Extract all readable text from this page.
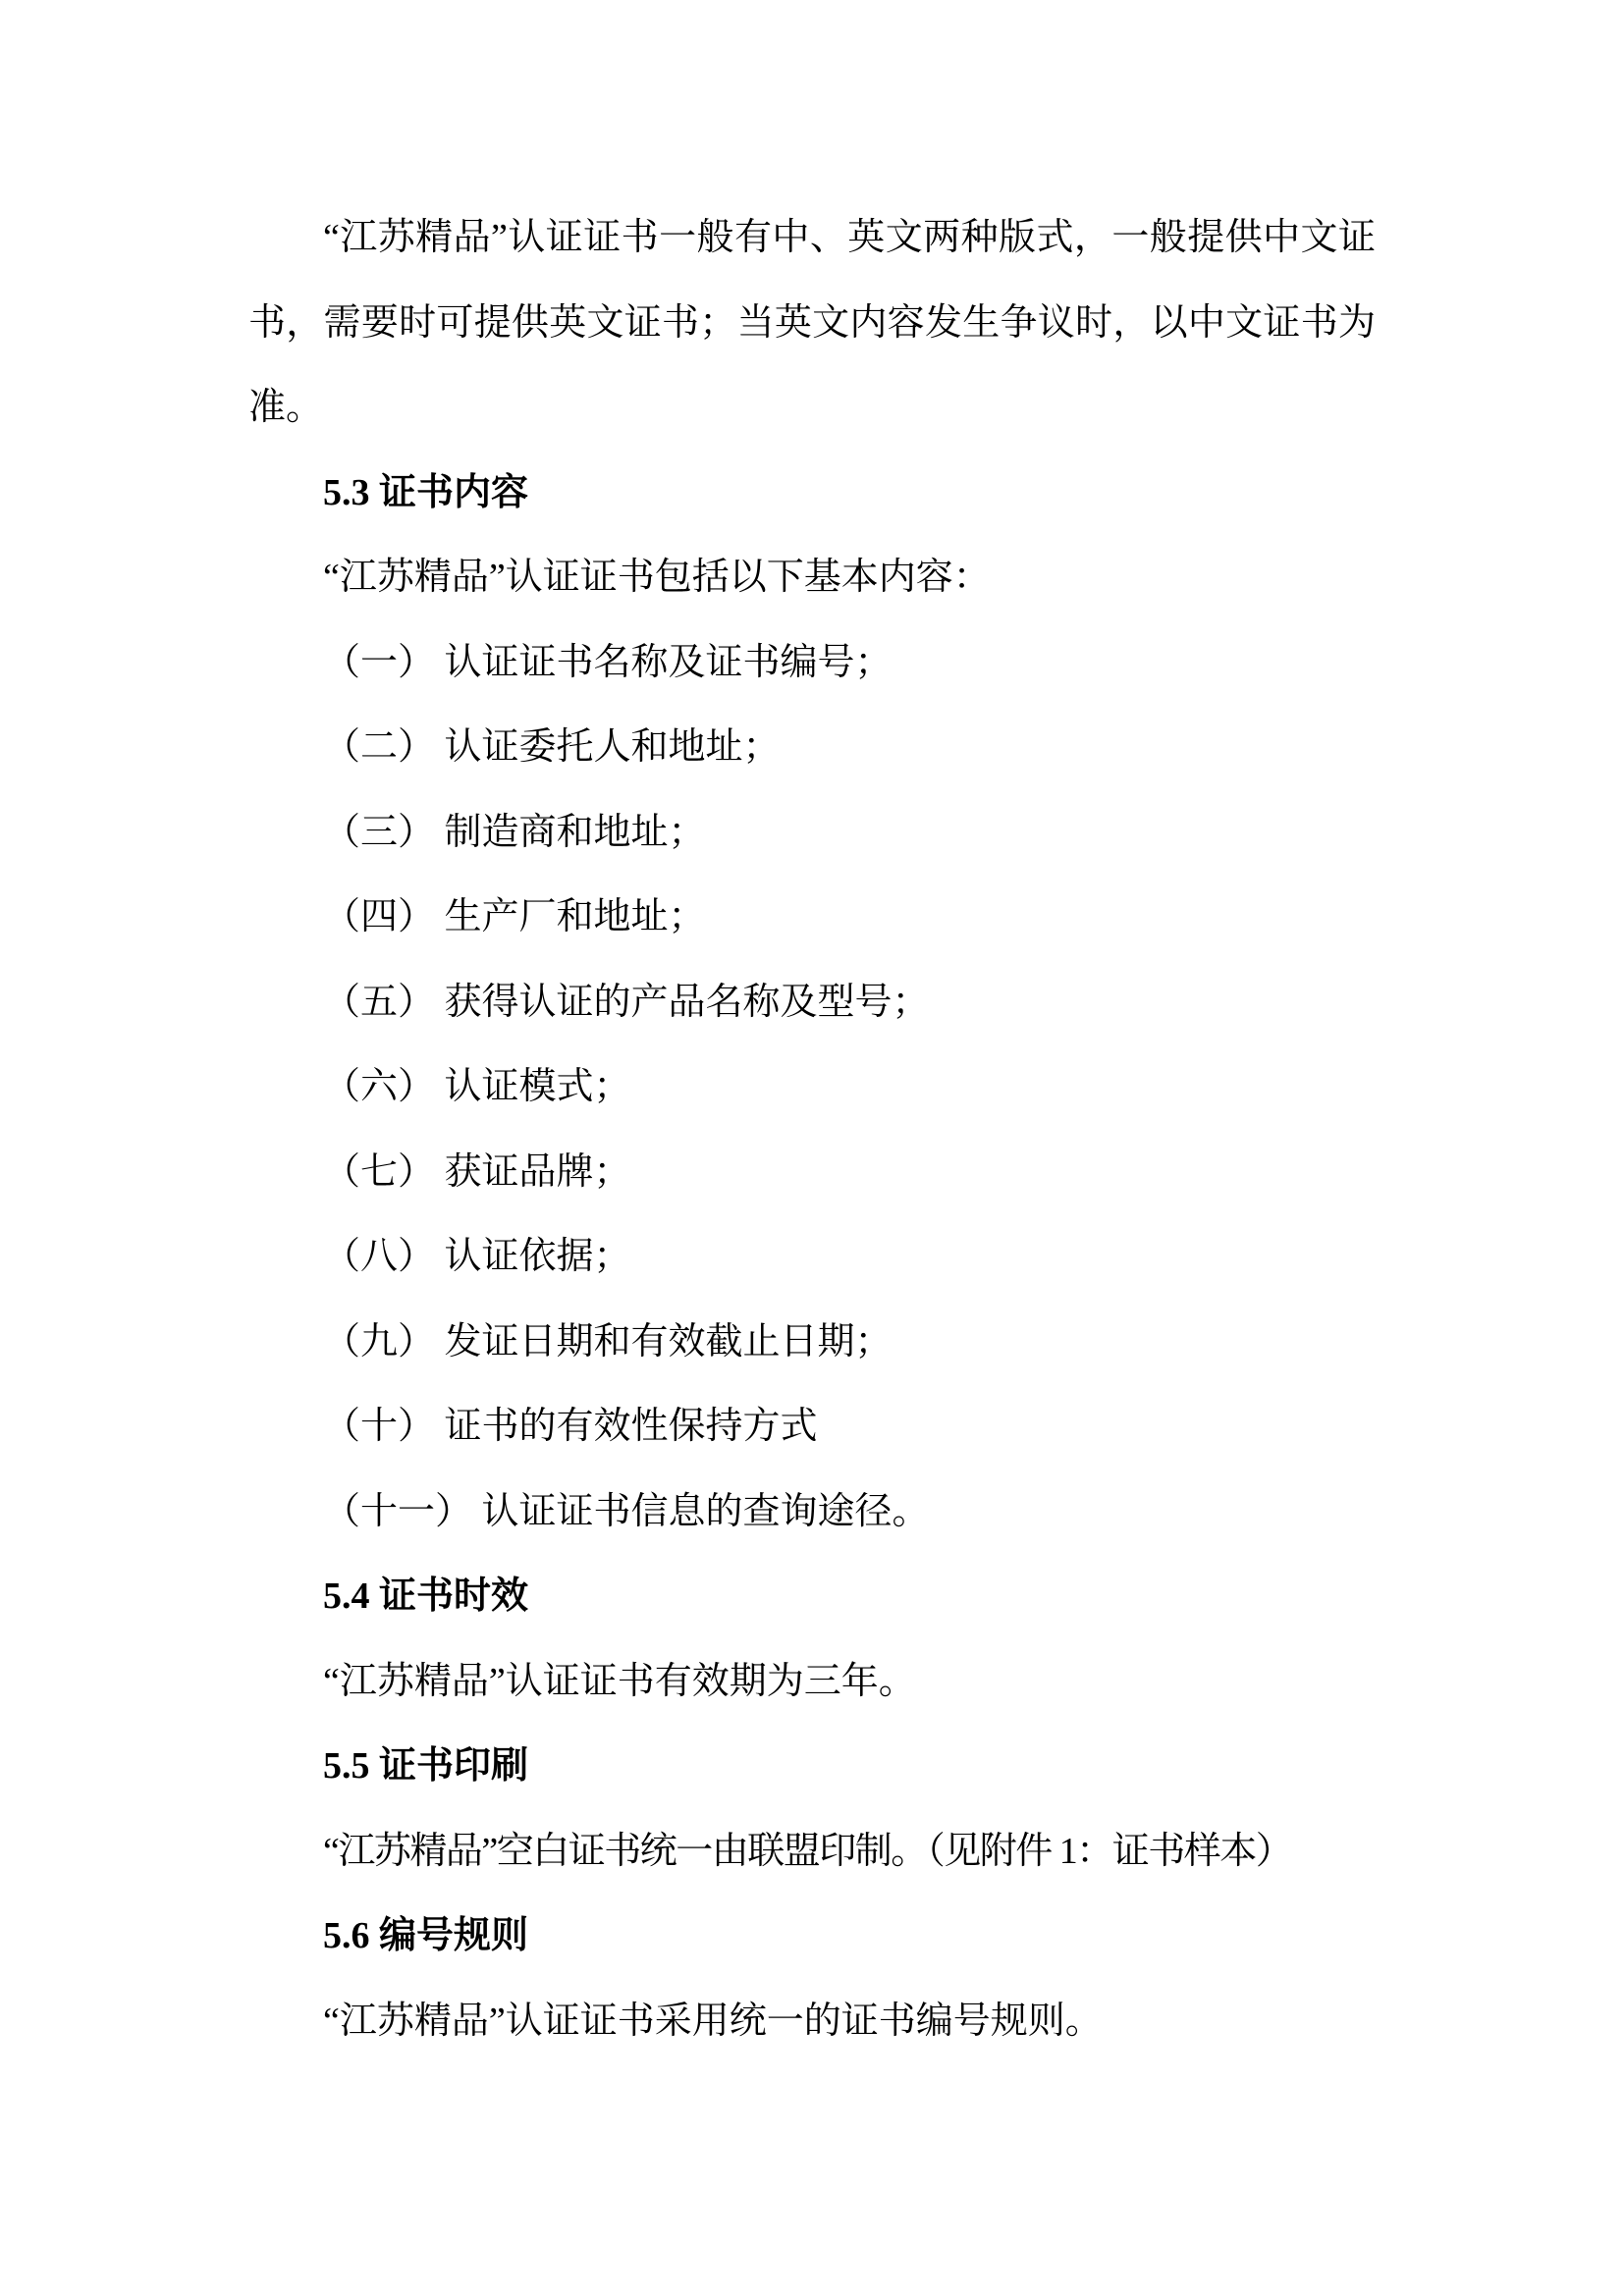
“江苏精品”认证证书一般有中、英文两种版式，一般提供中文证书，需要时可提供英文证书；当英文内容发生争议时，以中文证书为准。

5.3 证书内容

“江苏精品”认证证书包括以下基本内容：

（一） 认证证书名称及证书编号；

（二） 认证委托人和地址；

（三） 制造商和地址；

（四） 生产厂和地址；

（五） 获得认证的产品名称及型号；

（六） 认证模式；

（七） 获证品牌；

（八） 认证依据；

（九） 发证日期和有效截止日期；

（十） 证书的有效性保持方式

（十一） 认证证书信息的查询途径。

5.4 证书时效

“江苏精品”认证证书有效期为三年。

5.5 证书印刷

“江苏精品”空白证书统一由联盟印制。（见附件 1：证书样本）

5.6 编号规则

“江苏精品”认证证书采用统一的证书编号规则。
